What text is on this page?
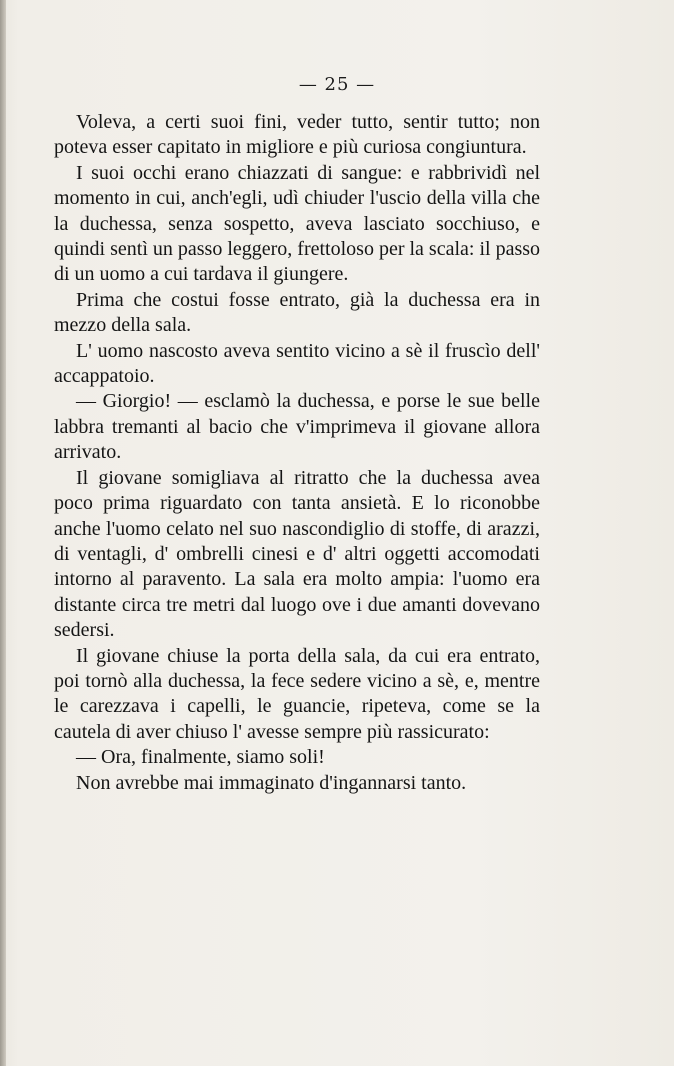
— 25 —

Voleva, a certi suoi fini, veder tutto, sentir tutto; non poteva esser capitato in migliore e più curiosa congiuntura.

I suoi occhi erano chiazzati di sangue: e rabbrividì nel momento in cui, anch'egli, udì chiuder l'uscio della villa che la duchessa, senza sospetto, aveva lasciato socchiuso, e quindi sentì un passo leggero, frettoloso per la scala: il passo di un uomo a cui tardava il giungere.

Prima che costui fosse entrato, già la duchessa era in mezzo della sala.

L' uomo nascosto aveva sentito vicino a sè il fruscìo dell' accappatoio.

— Giorgio! — esclamò la duchessa, e porse le sue belle labbra tremanti al bacio che v'imprimeva il giovane allora arrivato.

Il giovane somigliava al ritratto che la duchessa avea poco prima riguardato con tanta ansietà. E lo riconobbe anche l'uomo celato nel suo nascondiglio di stoffe, di arazzi, di ventagli, d' ombrelli cinesi e d' altri oggetti accomodati intorno al paravento. La sala era molto ampia: l'uomo era distante circa tre metri dal luogo ove i due amanti dovevano sedersi.

Il giovane chiuse la porta della sala, da cui era entrato, poi tornò alla duchessa, la fece sedere vicino a sè, e, mentre le carezzava i capelli, le guancie, ripeteva, come se la cautela di aver chiuso l' avesse sempre più rassicurato:

— Ora, finalmente, siamo soli!

Non avrebbe mai immaginato d'ingannarsi tanto.
